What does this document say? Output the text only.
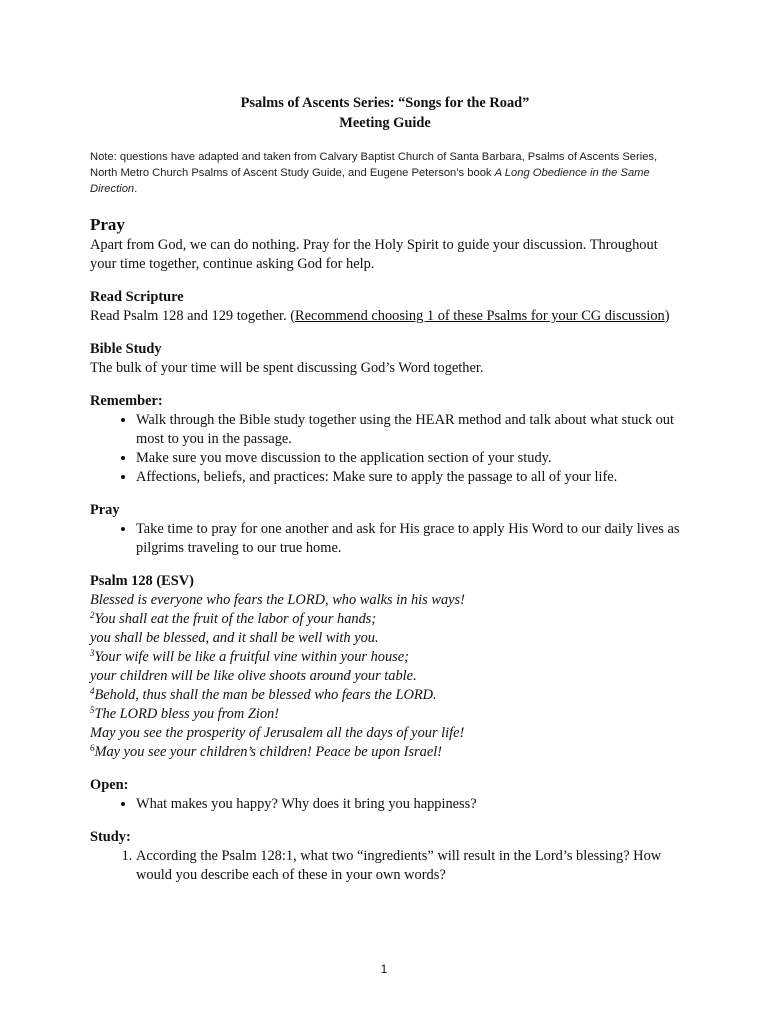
Psalms of Ascents Series: “Songs for the Road”
Meeting Guide

Note: questions have adapted and taken from Calvary Baptist Church of Santa Barbara, Psalms of Ascents Series, North Metro Church Psalms of Ascent Study Guide, and Eugene Peterson’s book A Long Obedience in the Same Direction.

Pray

Apart from God, we can do nothing. Pray for the Holy Spirit to guide your discussion. Throughout your time together, continue asking God for help.

Read Scripture

Read Psalm 128 and 129 together. (Recommend choosing 1 of these Psalms for your CG discussion)

Bible Study

The bulk of your time will be spent discussing God’s Word together.

Remember:
• Walk through the Bible study together using the HEAR method and talk about what stuck out most to you in the passage.
• Make sure you move discussion to the application section of your study.
• Affections, beliefs, and practices: Make sure to apply the passage to all of your life.
Pray
• Take time to pray for one another and ask for His grace to apply His Word to our daily lives as pilgrims traveling to our true home.
Psalm 128 (ESV)

Blessed is everyone who fears the LORD, who walks in his ways!

$^2$You shall eat the fruit of the labor of your hands;

you shall be blessed, and it shall be well with you.

$^3$Your wife will be like a fruitful vine within your house;

your children will be like olive shoots around your table.

$^4$Behold, thus shall the man be blessed who fears the LORD.

$^5$The LORD bless you from Zion!

May you see the prosperity of Jerusalem all the days of your life!

$^6$May you see your children’s children! Peace be upon Israel!

Open:
• What makes you happy? Why does it bring you happiness?
Study:
1. According the Psalm 128:1, what two “ingredients” will result in the Lord’s blessing? How would you describe each of these in your own words?
1
